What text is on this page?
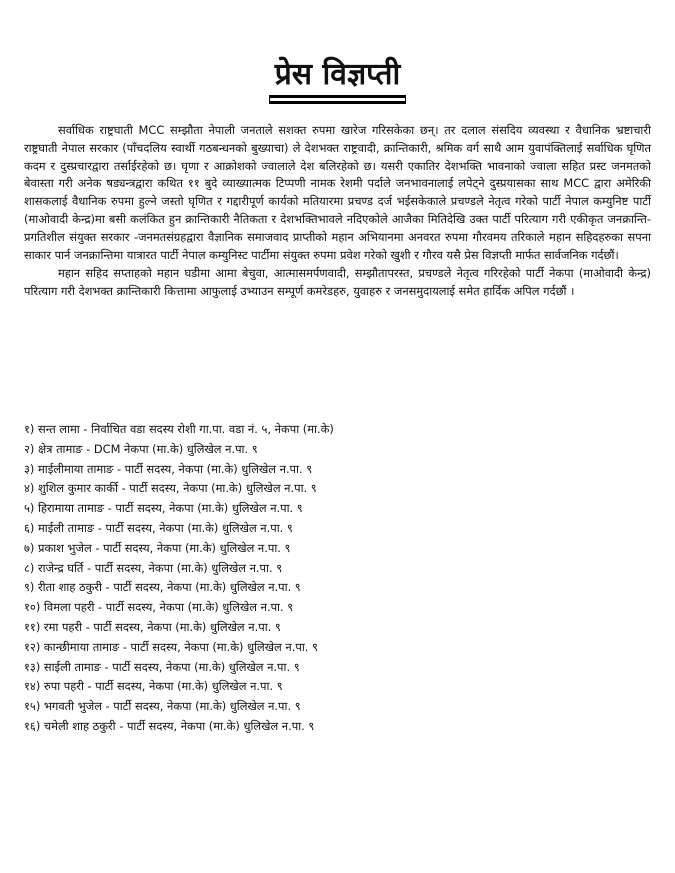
प्रेस विज्ञप्ती

सर्वाधिक राष्ट्रघाती MCC सम्झौता नेपाली जनताले सशक्त रुपमा खारेज गरिसकेका छन्। तर दलाल संसदिय व्यवस्था र वैधानिक भ्रष्टाचारी राष्ट्रघाती नेपाल सरकार (पाँचदलिय स्वार्थी गठबन्धनको बुख्याचा) ले देशभक्त राष्ट्रवादी, क्रान्तिकारी, श्रमिक वर्ग साथै आम युवापंक्तिलाई सर्वाधिक घृणित कदम र दुस्प्रचारद्वारा तर्साईरहेको छ। घृणा र आक्रोशको ज्वालाले देश बलिरहेको छ। यसरी एकातिर देशभक्ति भावनाको ज्वाला सहित प्रस्ट जनमतको बेवास्ता गरी अनेक षड्यन्त्रद्वारा कथित ११ बुदे व्याख्यात्मक टिप्पणी नामक रेशमी पर्दाले जनभावनालाई लपेट्ने दुस्प्रयासका साथ MCC द्वारा अमेरिकी शासकलाई वैधानिक रुपमा हुल्ने जस्तो घृणित र गद्दारीपूर्ण कार्यको मतियारमा प्रचण्ड दर्ज भईसकेकाले प्रचण्डले नेतृत्व गरेको पार्टी नेपाल कम्युनिष्ट पार्टी (माओवादी केन्द्र)मा बसी कलंकित हुन क्रान्तिकारी नैतिकता र देशभक्तिभावले नदिएकोले आजैका मितिदेखि उक्त पार्टी परित्याग गरी एकीकृत जनक्रान्ति-प्रगतिशील संयुक्त सरकार -जनमतसंग्रहद्वारा वैज्ञानिक समाजवाद प्राप्तीको महान अभियानमा अनवरत रुपमा गौरवमय तरिकाले महान सहिदहरुका सपना साकार पार्न जनक्रान्तिमा यात्रारत पार्टी नेपाल कम्युनिस्ट पार्टीमा संयुक्त रुपमा प्रवेश गरेको खुशी र गौरव यसै प्रेस विज्ञप्ती मार्फत सार्वजनिक गर्दछौं।

महान सहिद सप्ताहको महान घडीमा आमा बेचुवा, आत्मासमर्पणवादी, सम्झौतापरस्त, प्रचण्डले नेतृत्व गरिरहेको पार्टी नेकपा (माओवादी केन्द्र) परित्याग गरी देशभक्त क्रान्तिकारी कित्तामा आफुलाई उभ्याउन सम्पूर्ण कमरेडहरु, युवाहरु र जनसमुदायलाई समेत हार्दिक अपिल गर्दछौं ।

१) सन्त लामा - निर्वाचित वडा सदस्य रोशी गा.पा. वडा नं. ५, नेकपा (मा.के)
२) क्षेत्र तामाङ - DCM नेकपा (मा.के) धुलिखेल न.पा. ९
३) माईलीमाया तामाङ - पार्टी सदस्य, नेकपा (मा.के) धुलिखेल न.पा. ९
४) शुशिल कुमार कार्की - पार्टी सदस्य, नेकपा (मा.के) धुलिखेल न.पा. ९
५) हिरामाया तामाङ - पार्टी सदस्य, नेकपा (मा.के) धुलिखेल न.पा. ९
६) माईली तामाङ - पार्टी सदस्य, नेकपा (मा.के) धुलिखेल न.पा. ९
७) प्रकाश भुजेल - पार्टी सदस्य, नेकपा (मा.के) धुलिखेल न.पा. ९
८) राजेन्द्र घर्ति - पार्टी सदस्य, नेकपा (मा.के) धुलिखेल न.पा. ९
९) रीता शाह ठकुरी - पार्टी सदस्य, नेकपा (मा.के) धुलिखेल न.पा. ९
१०) विमला पहरी - पार्टी सदस्य, नेकपा (मा.के) धुलिखेल न.पा. ९
११) रमा पहरी - पार्टी सदस्य, नेकपा (मा.के) धुलिखेल न.पा. ९
१२) कान्छीमाया तामाङ - पार्टी सदस्य, नेकपा (मा.के) धुलिखेल न.पा. ९
१३) साईली तामाङ - पार्टी सदस्य, नेकपा (मा.के) धुलिखेल न.पा. ९
१४) रुपा पहरी - पार्टी सदस्य, नेकपा (मा.के) धुलिखेल न.पा. ९
१५) भगवती भुजेल - पार्टी सदस्य, नेकपा (मा.के) धुलिखेल न.पा. ९
१६) चमेली शाह ठकुरी - पार्टी सदस्य, नेकपा (मा.के) धुलिखेल न.पा. ९
